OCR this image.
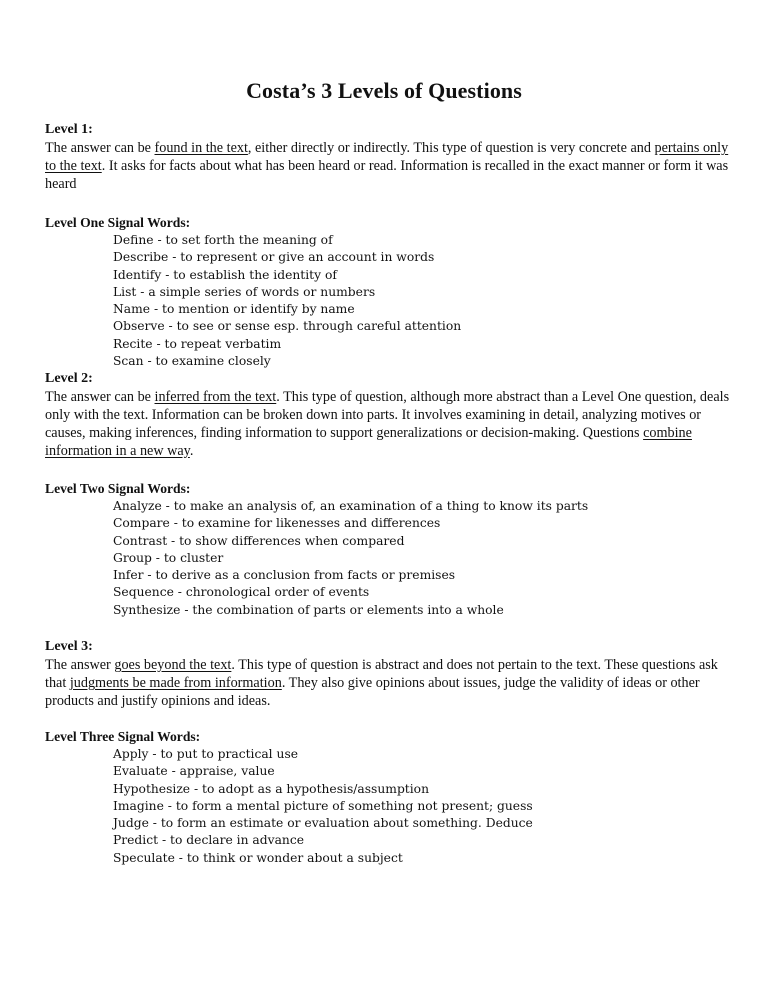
Costa’s 3 Levels of Questions
Level 1:

The answer can be found in the text, either directly or indirectly. This type of question is very concrete and pertains only to the text. It asks for facts about what has been heard or read. Information is recalled in the exact manner or form it was heard

Level One Signal Words:
Define - to set forth the meaning of
Describe - to represent or give an account in words
Identify - to establish the identity of
List - a simple series of words or numbers
Name - to mention or identify by name
Observe - to see or sense esp. through careful attention
Recite - to repeat verbatim
Scan - to examine closely
Level 2:

The answer can be inferred from the text. This type of question, although more abstract than a Level One question, deals only with the text. Information can be broken down into parts. It involves examining in detail, analyzing motives or causes, making inferences, finding information to support generalizations or decision-making. Questions combine information in a new way.

Level Two Signal Words:
Analyze - to make an analysis of, an examination of a thing to know its parts
Compare - to examine for likenesses and differences
Contrast - to show differences when compared
Group - to cluster
Infer - to derive as a conclusion from facts or premises
Sequence - chronological order of events
Synthesize - the combination of parts or elements into a whole
Level 3:

The answer goes beyond the text. This type of question is abstract and does not pertain to the text. These questions ask that judgments be made from information. They also give opinions about issues, judge the validity of ideas or other products and justify opinions and ideas.

Level Three Signal Words:
Apply - to put to practical use
Evaluate - appraise, value
Hypothesize - to adopt as a hypothesis/assumption
Imagine - to form a mental picture of something not present; guess
Judge - to form an estimate or evaluation about something. Deduce
Predict - to declare in advance
Speculate - to think or wonder about a subject
